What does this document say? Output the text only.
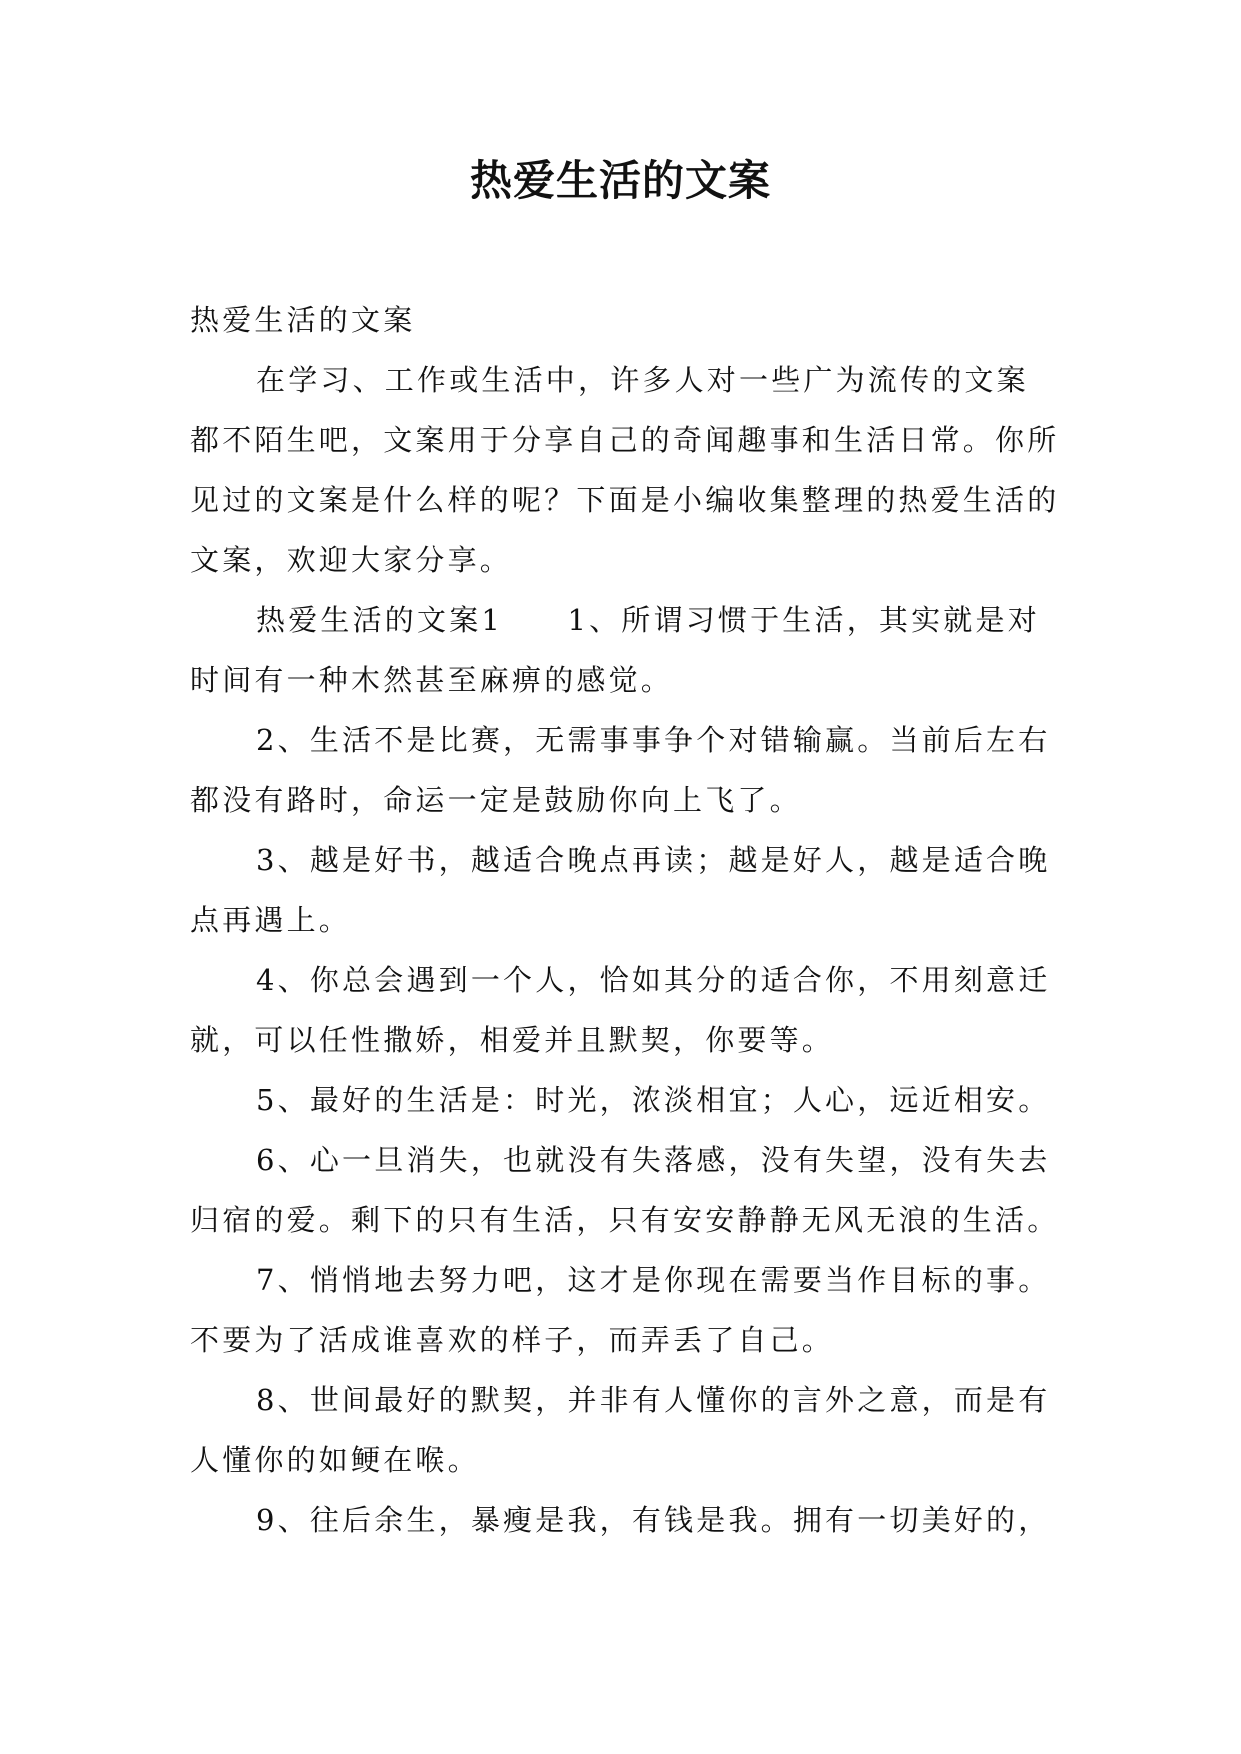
热爱生活的文案

热爱生活的文案

在学习、工作或生活中，许多人对一些广为流传的文案都不陌生吧，文案用于分享自己的奇闻趣事和生活日常。你所见过的文案是什么样的呢？下面是小编收集整理的热爱生活的文案，欢迎大家分享。

热爱生活的文案1　　1、所谓习惯于生活，其实就是对时间有一种木然甚至麻痹的感觉。

2、生活不是比赛，无需事事争个对错输赢。当前后左右都没有路时，命运一定是鼓励你向上飞了。

3、越是好书，越适合晚点再读；越是好人，越是适合晚点再遇上。

4、你总会遇到一个人，恰如其分的适合你，不用刻意迁就，可以任性撒娇，相爱并且默契，你要等。

5、最好的生活是：时光，浓淡相宜；人心，远近相安。

6、心一旦消失，也就没有失落感，没有失望，没有失去归宿的爱。剩下的只有生活，只有安安静静无风无浪的生活。

7、悄悄地去努力吧，这才是你现在需要当作目标的事。不要为了活成谁喜欢的样子，而弄丢了自己。

8、世间最好的默契，并非有人懂你的言外之意，而是有人懂你的如鲠在喉。

9、往后余生，暴瘦是我，有钱是我。拥有一切美好的，
